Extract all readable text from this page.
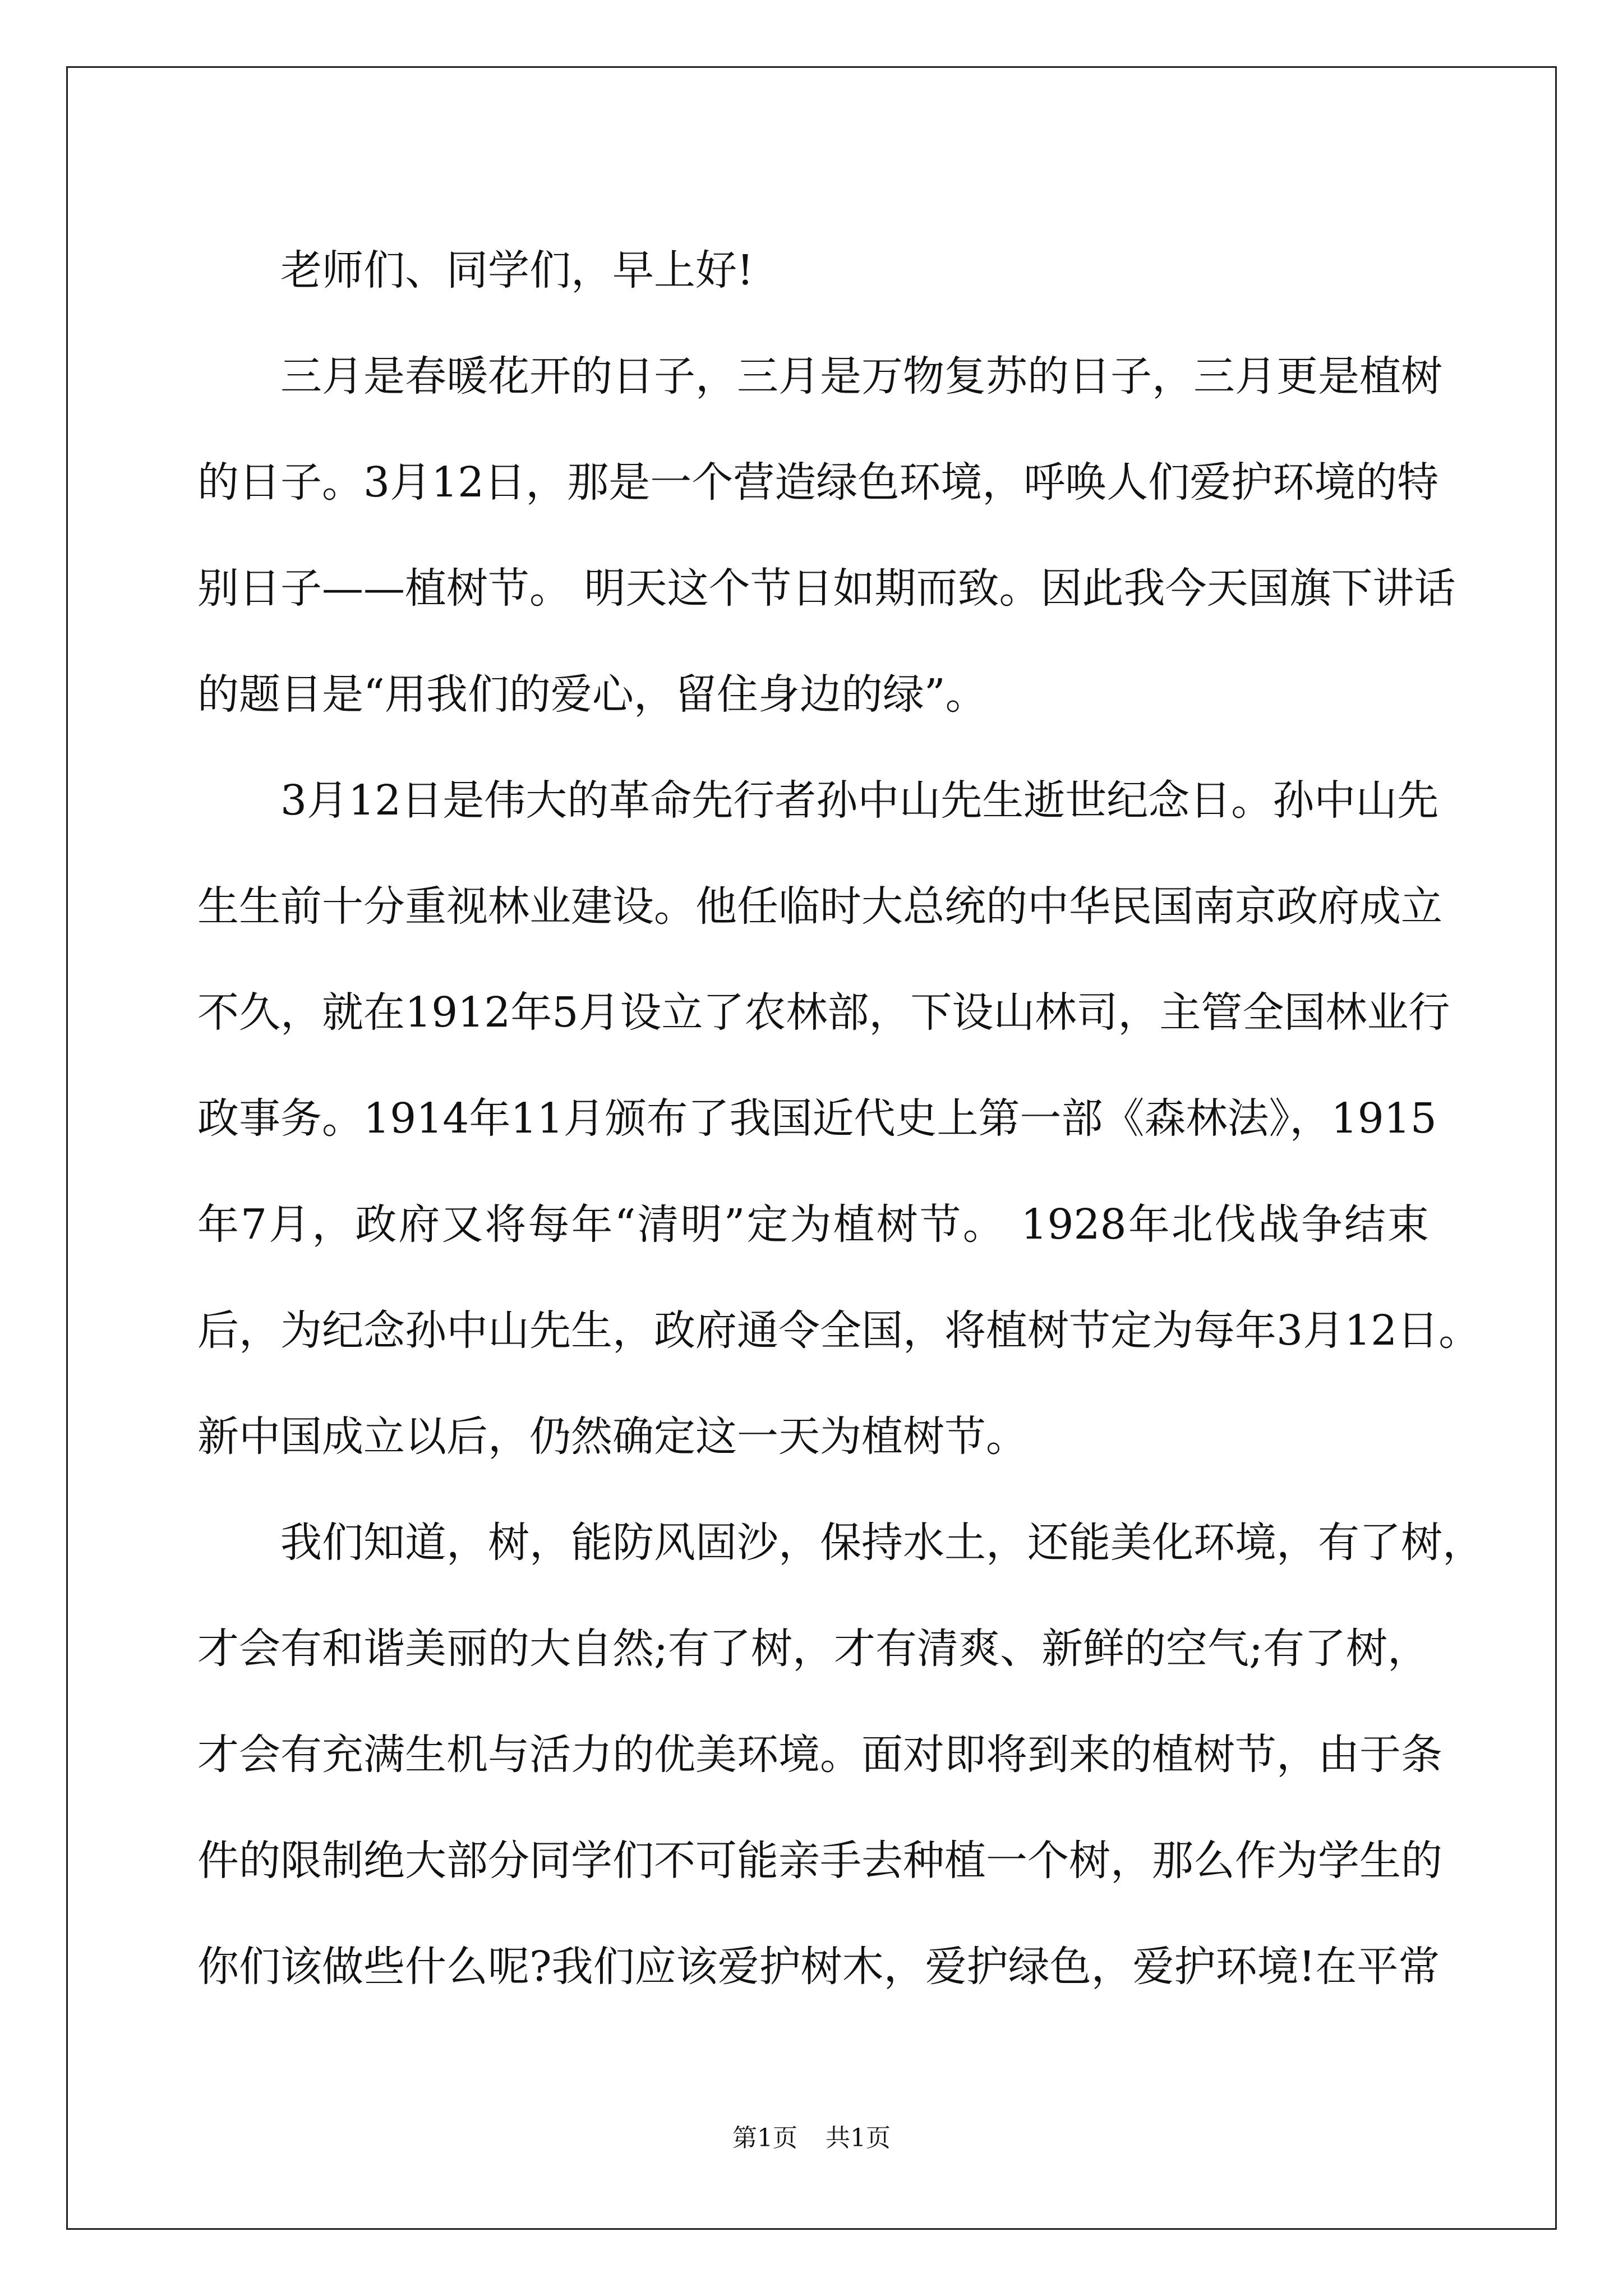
老师们、同学们，早上好!
三月是春暖花开的日子，三月是万物复苏的日子，三月更是植树
的日子。3月12日，那是一个营造绿色环境，呼唤人们爱护环境的特
别日子——植树节。 明天这个节日如期而致。因此我今天国旗下讲话
的题目是“用我们的爱心，留住身边的绿”。
3月12日是伟大的革命先行者孙中山先生逝世纪念日。孙中山先
生生前十分重视林业建设。他任临时大总统的中华民国南京政府成立
不久，就在1912年5月设立了农林部，下设山林司，主管全国林业行
政事务。1914年11月颁布了我国近代史上第一部《森林法》，1915
年7月，政府又将每年“清明”定为植树节。 1928年北伐战争结束
后，为纪念孙中山先生，政府通令全国，将植树节定为每年3月12日。
新中国成立以后，仍然确定这一天为植树节。
我们知道，树，能防风固沙，保持水土，还能美化环境，有了树，
才会有和谐美丽的大自然;有了树，才有清爽、新鲜的空气;有了树，
才会有充满生机与活力的优美环境。面对即将到来的植树节，由于条
件的限制绝大部分同学们不可能亲手去种植一个树，那么作为学生的
你们该做些什么呢?我们应该爱护树木，爱护绿色，爱护环境!在平常
第1页 共1页
